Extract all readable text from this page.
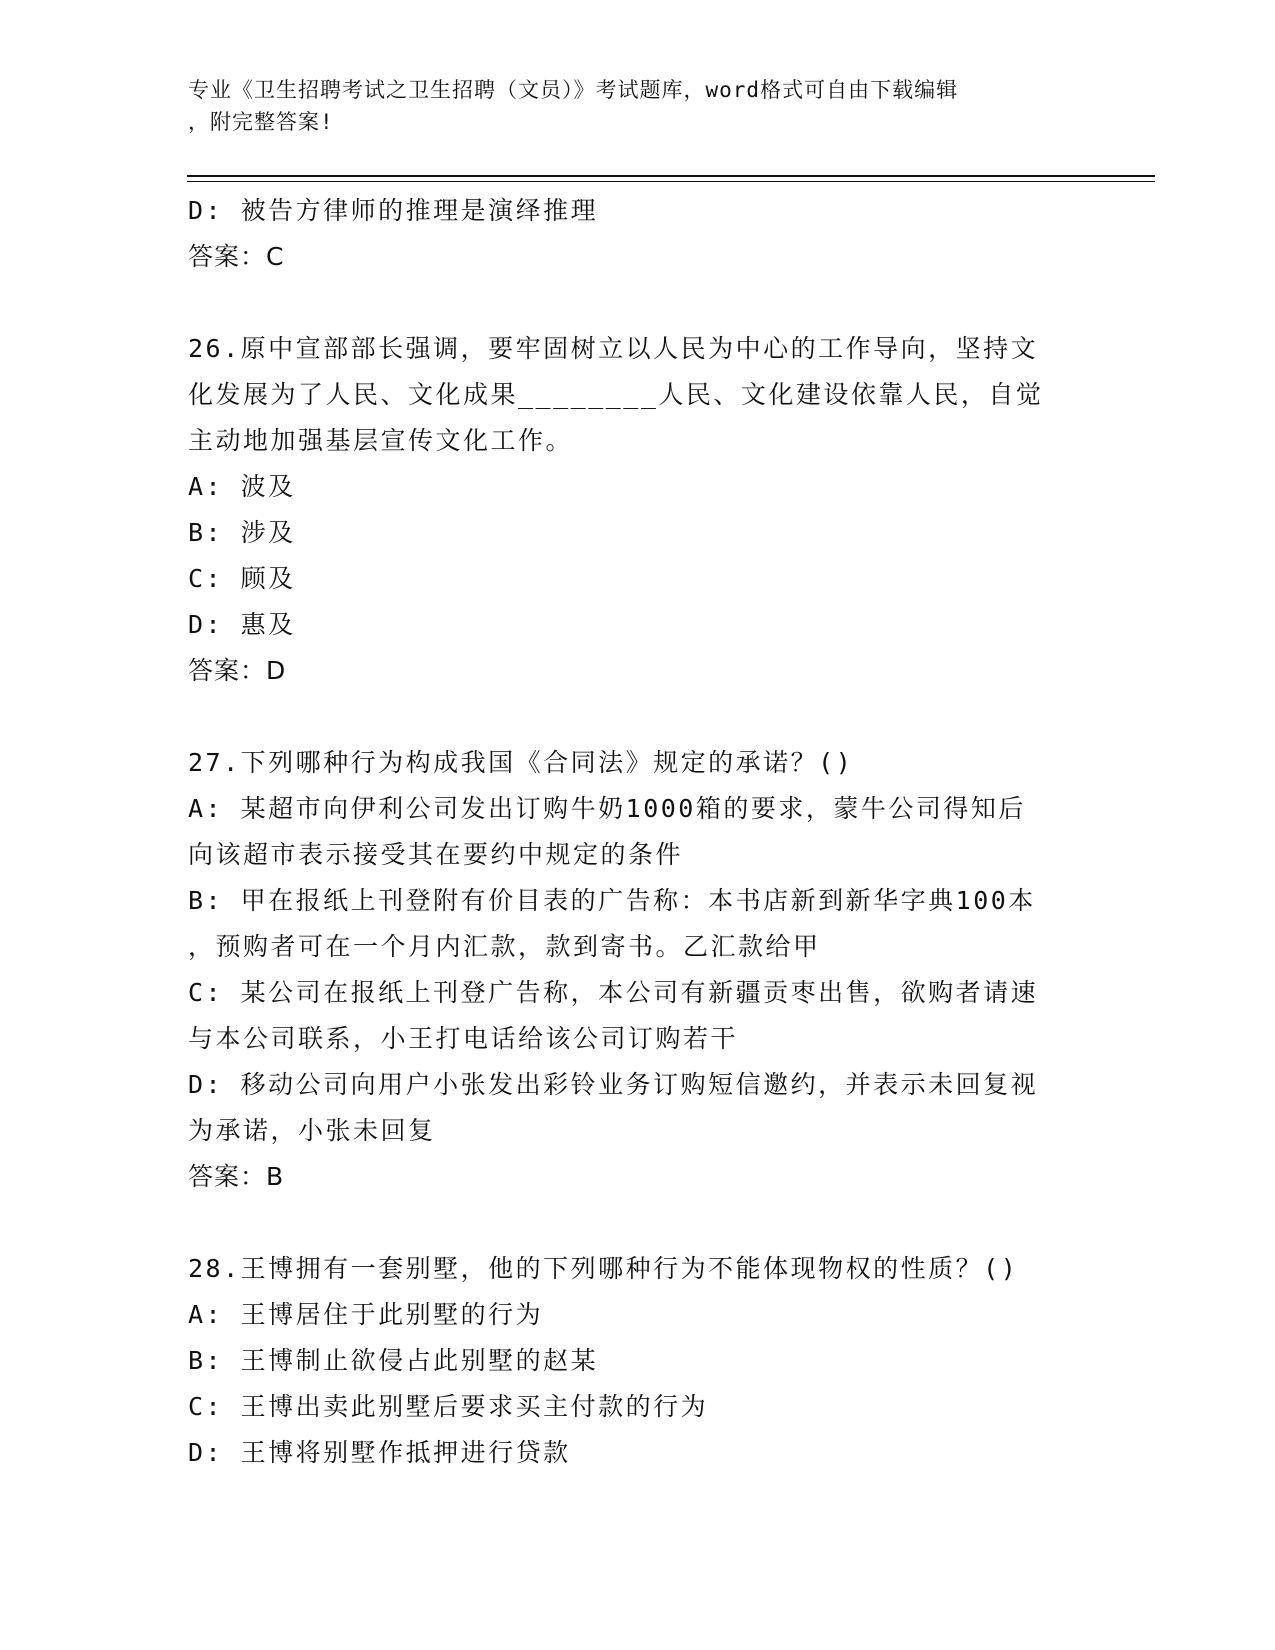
专业《卫生招聘考试之卫生招聘（文员）》考试题库，word格式可自由下载编辑
，附完整答案!
D: 被告方律师的推理是演绎推理
答案：C
26.原中宣部部长强调，要牢固树立以人民为中心的工作导向，坚持文
化发展为了人民、文化成果________人民、文化建设依靠人民，自觉
主动地加强基层宣传文化工作。
A: 波及
B: 涉及
C: 顾及
D: 惠及
答案：D
27.下列哪种行为构成我国《合同法》规定的承诺？()
A: 某超市向伊利公司发出订购牛奶1000箱的要求，蒙牛公司得知后
向该超市表示接受其在要约中规定的条件
B: 甲在报纸上刊登附有价目表的广告称：本书店新到新华字典100本
，预购者可在一个月内汇款，款到寄书。乙汇款给甲
C: 某公司在报纸上刊登广告称，本公司有新疆贡枣出售，欲购者请速
与本公司联系，小王打电话给该公司订购若干
D: 移动公司向用户小张发出彩铃业务订购短信邀约，并表示未回复视
为承诺，小张未回复
答案：B
28.王博拥有一套别墅，他的下列哪种行为不能体现物权的性质？()
A: 王博居住于此别墅的行为
B: 王博制止欲侵占此别墅的赵某
C: 王博出卖此别墅后要求买主付款的行为
D: 王博将别墅作抵押进行贷款
